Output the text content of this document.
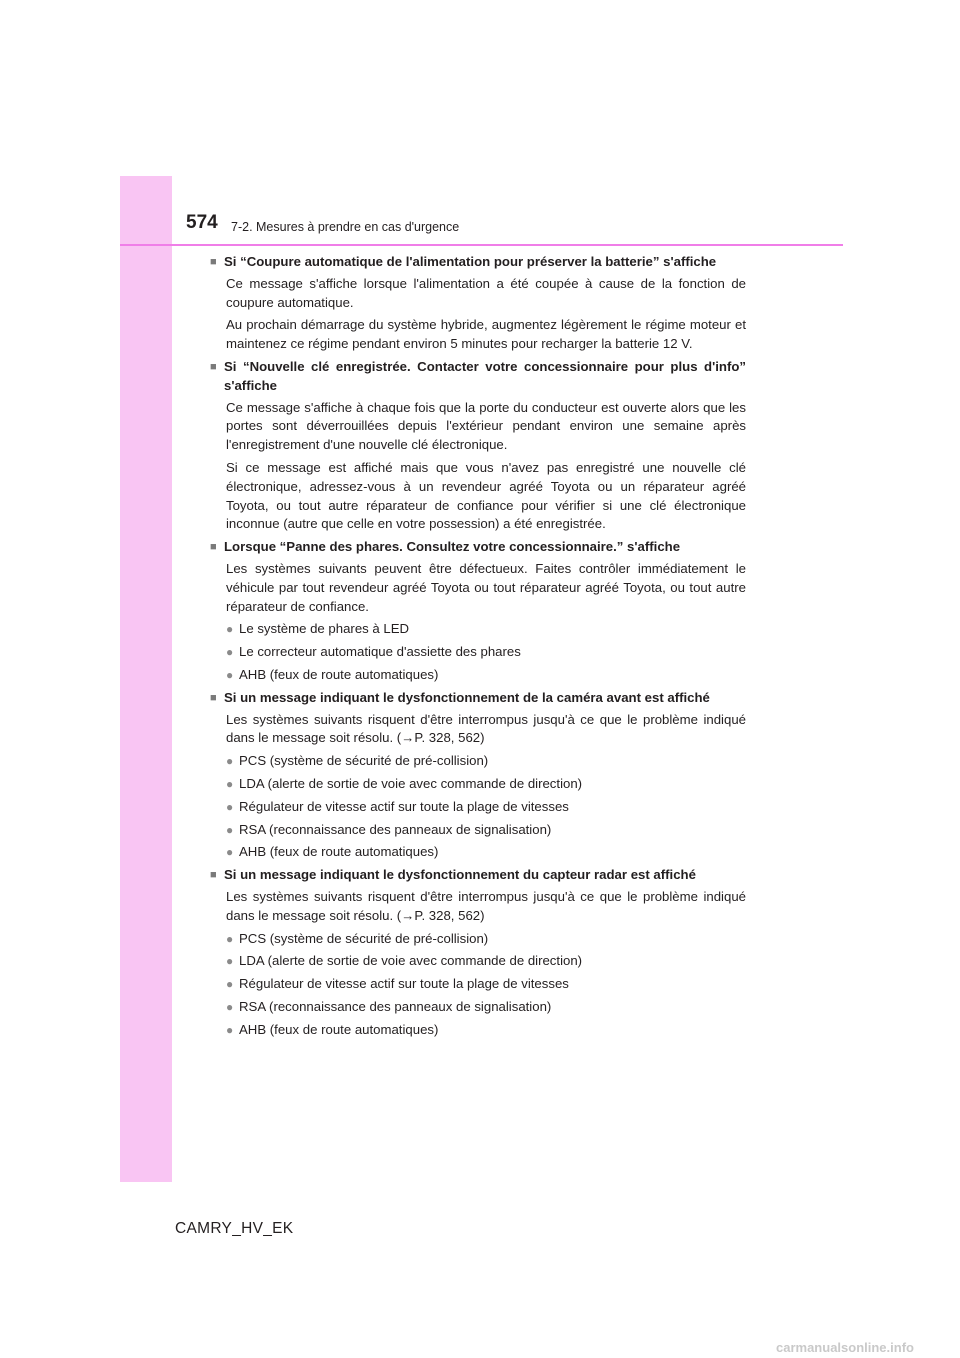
574 7-2. Mesures à prendre en cas d'urgence
■ Si “Coupure automatique de l'alimentation pour préserver la batterie” s'affiche
Ce message s'affiche lorsque l'alimentation a été coupée à cause de la fonction de coupure automatique.
Au prochain démarrage du système hybride, augmentez légèrement le régime moteur et maintenez ce régime pendant environ 5 minutes pour recharger la batterie 12 V.
■ Si “Nouvelle clé enregistrée. Contacter votre concessionnaire pour plus d'info” s'affiche
Ce message s'affiche à chaque fois que la porte du conducteur est ouverte alors que les portes sont déverrouillées depuis l'extérieur pendant environ une semaine après l'enregistrement d'une nouvelle clé électronique.
Si ce message est affiché mais que vous n'avez pas enregistré une nouvelle clé électronique, adressez-vous à un revendeur agréé Toyota ou un réparateur agréé Toyota, ou tout autre réparateur de confiance pour vérifier si une clé électronique inconnue (autre que celle en votre possession) a été enregistrée.
■ Lorsque “Panne des phares. Consultez votre concessionnaire.” s'affiche
Les systèmes suivants peuvent être défectueux. Faites contrôler immédiatement le véhicule par tout revendeur agréé Toyota ou tout réparateur agréé Toyota, ou tout autre réparateur de confiance.
● Le système de phares à LED
● Le correcteur automatique d'assiette des phares
● AHB (feux de route automatiques)
■ Si un message indiquant le dysfonctionnement de la caméra avant est affiché
Les systèmes suivants risquent d'être interrompus jusqu'à ce que le problème indiqué dans le message soit résolu. (→P. 328, 562)
● PCS (système de sécurité de pré-collision)
● LDA (alerte de sortie de voie avec commande de direction)
● Régulateur de vitesse actif sur toute la plage de vitesses
● RSA (reconnaissance des panneaux de signalisation)
● AHB (feux de route automatiques)
■ Si un message indiquant le dysfonctionnement du capteur radar est affiché
Les systèmes suivants risquent d'être interrompus jusqu'à ce que le problème indiqué dans le message soit résolu. (→P. 328, 562)
● PCS (système de sécurité de pré-collision)
● LDA (alerte de sortie de voie avec commande de direction)
● Régulateur de vitesse actif sur toute la plage de vitesses
● RSA (reconnaissance des panneaux de signalisation)
● AHB (feux de route automatiques)
CAMRY_HV_EK
carmanualsonline.info
